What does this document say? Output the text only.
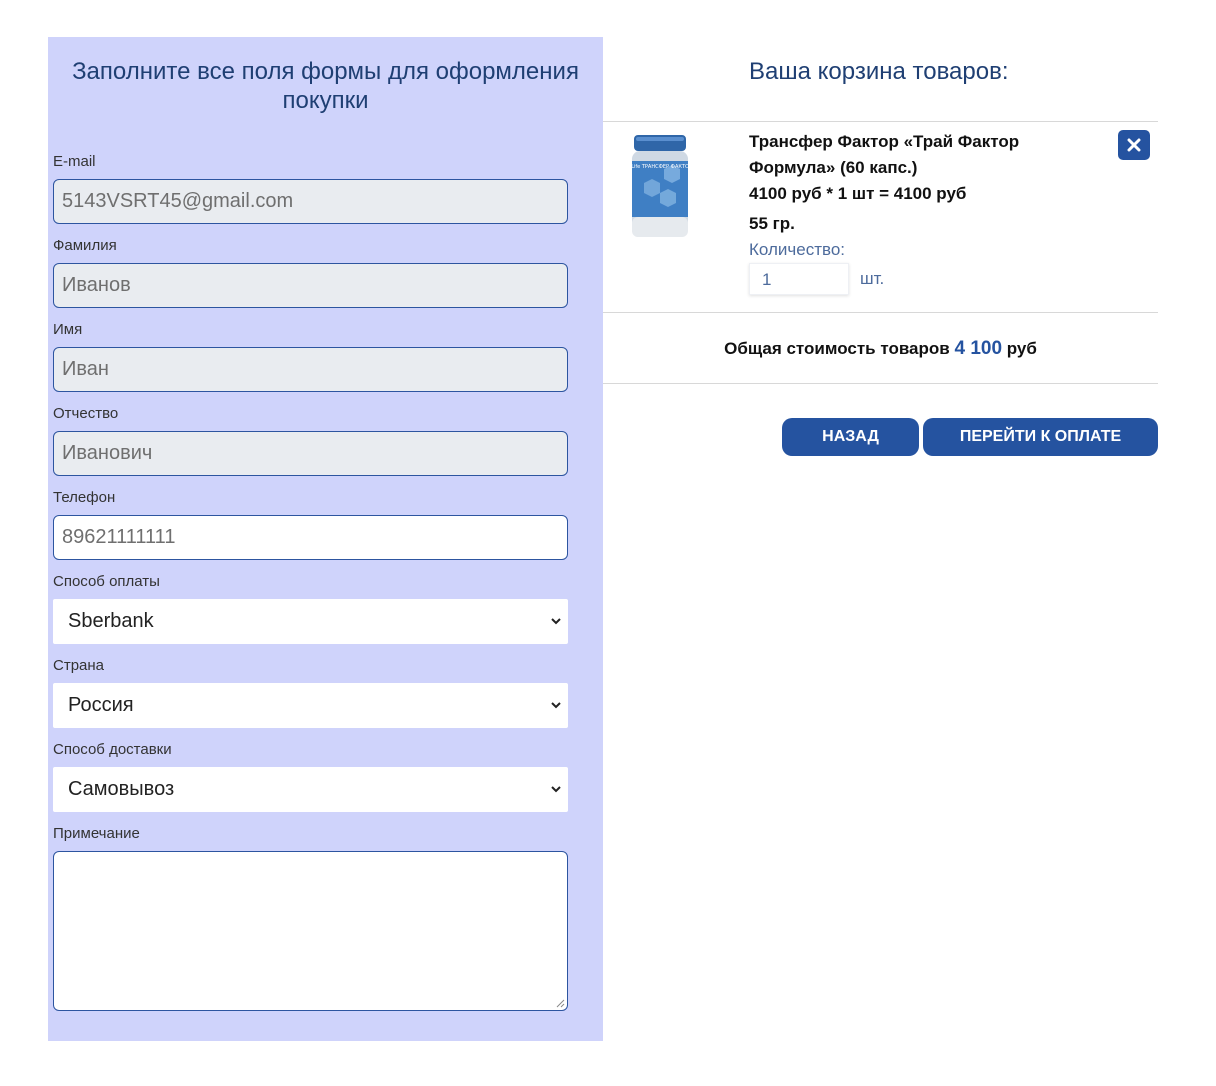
Заполните все поля формы для оформления покупки
E-mail
5143VSRT45@gmail.com
Фамилия
Иванов
Имя
Иван
Отчество
Иванович
Телефон
89621111111
Способ оплаты
Sberbank
Страна
Россия
Способ доставки
Самовывоз
Примечание
Ваша корзина товаров:
4Life ТРАНСФЕР ФАКТОР
Трансфер Фактор «Трай Фактор Формула» (60 капс.)
4100 руб * 1 шт = 4100 руб
55 гр.
Количество:
1	шт.
Общая стоимость товаров 4 100 руб
НАЗАД	ПЕРЕЙТИ К ОПЛАТЕ
